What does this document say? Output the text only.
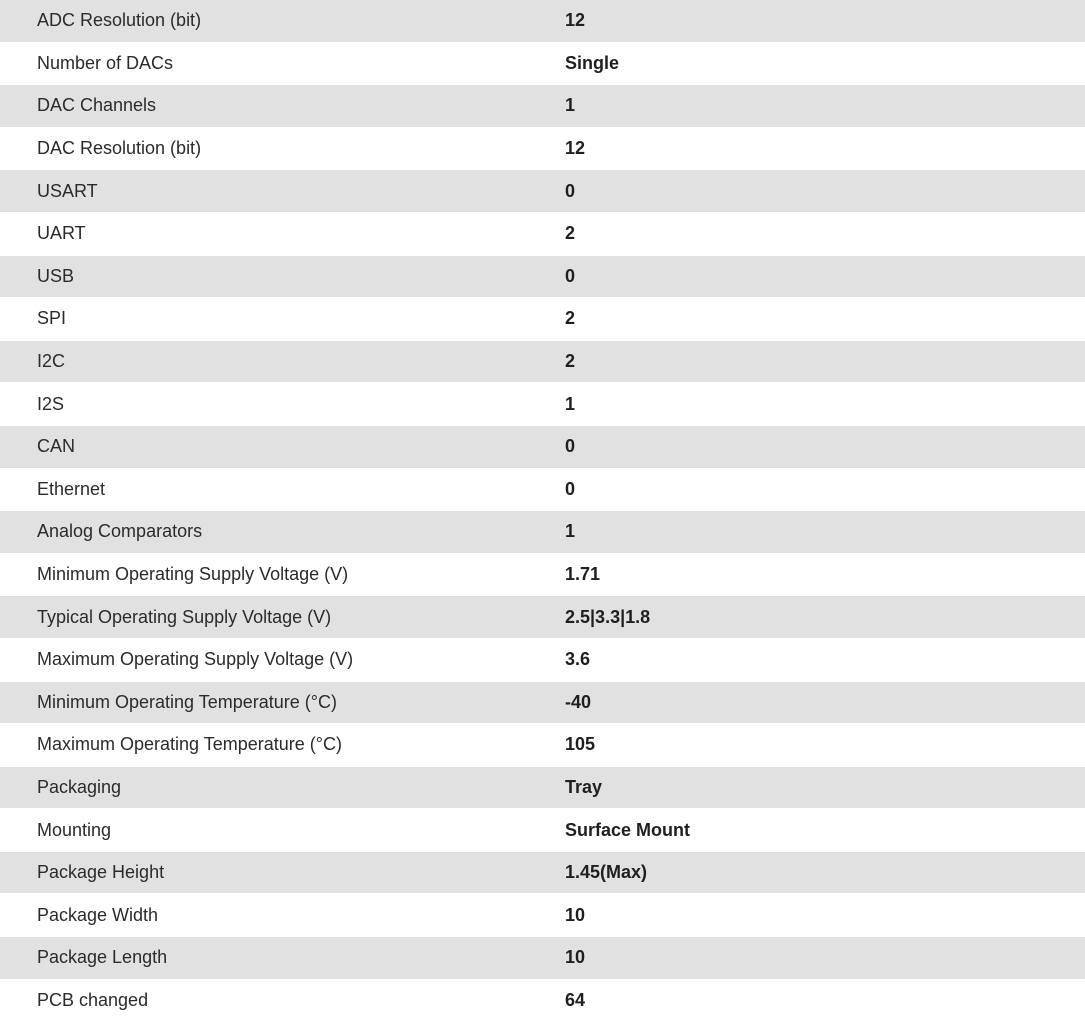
ADC Resolution (bit)	12
Number of DACs	Single
DAC Channels	1
DAC Resolution (bit)	12
USART	0
UART	2
USB	0
SPI	2
I2C	2
I2S	1
CAN	0
Ethernet	0
Analog Comparators	1
Minimum Operating Supply Voltage (V)	1.71
Typical Operating Supply Voltage (V)	2.5|3.3|1.8
Maximum Operating Supply Voltage (V)	3.6
Minimum Operating Temperature (°C)	-40
Maximum Operating Temperature (°C)	105
Packaging	Tray
Mounting	Surface Mount
Package Height	1.45(Max)
Package Width	10
Package Length	10
PCB changed	64
